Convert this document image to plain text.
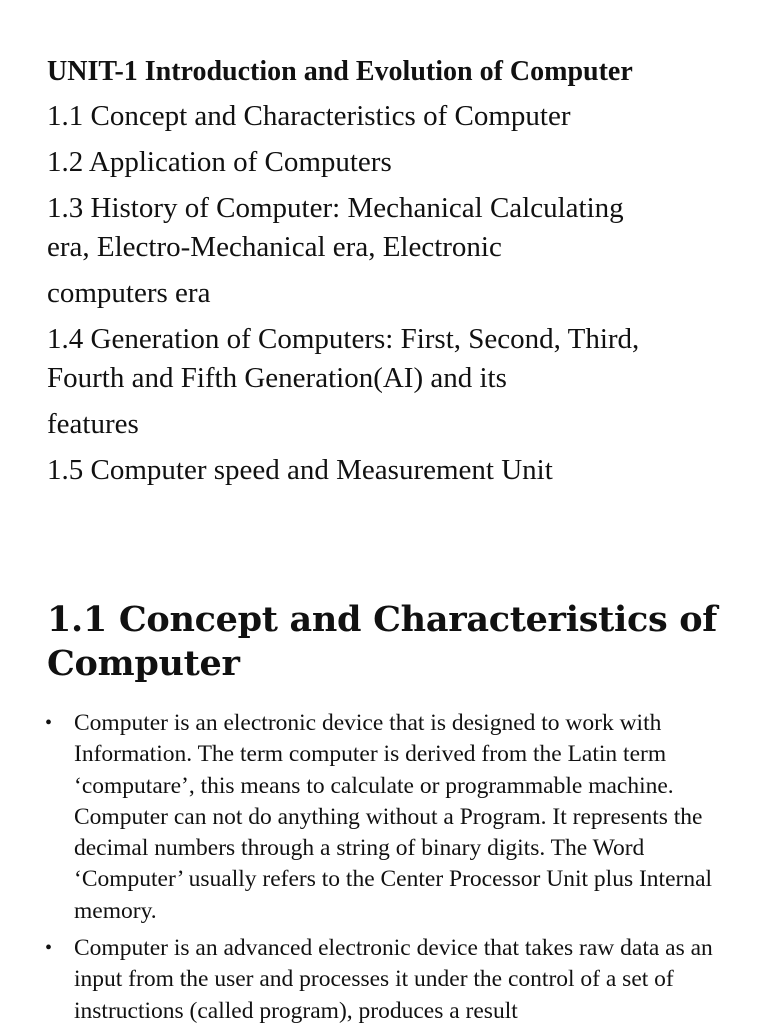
UNIT-1 Introduction and Evolution of Computer
1.1 Concept and Characteristics of Computer
1.2 Application of Computers
1.3 History of Computer: Mechanical Calculating
era, Electro-Mechanical era, Electronic
computers era
1.4 Generation of Computers: First, Second, Third,
Fourth and Fifth Generation(AI) and its
features
1.5 Computer speed and Measurement Unit
1.1 Concept and Characteristics of Computer
• Computer is an electronic device that is designed to work with Information. The term computer is derived from the Latin term ‘computare’, this means to calculate or programmable machine. Computer can not do anything without a Program. It represents the decimal numbers through a string of binary digits. The Word ‘Computer’ usually refers to the Center Processor Unit plus Internal memory.
• Computer is an advanced electronic device that takes raw data as an input from the user and processes it under the control of a set of instructions (called program), produces a result
